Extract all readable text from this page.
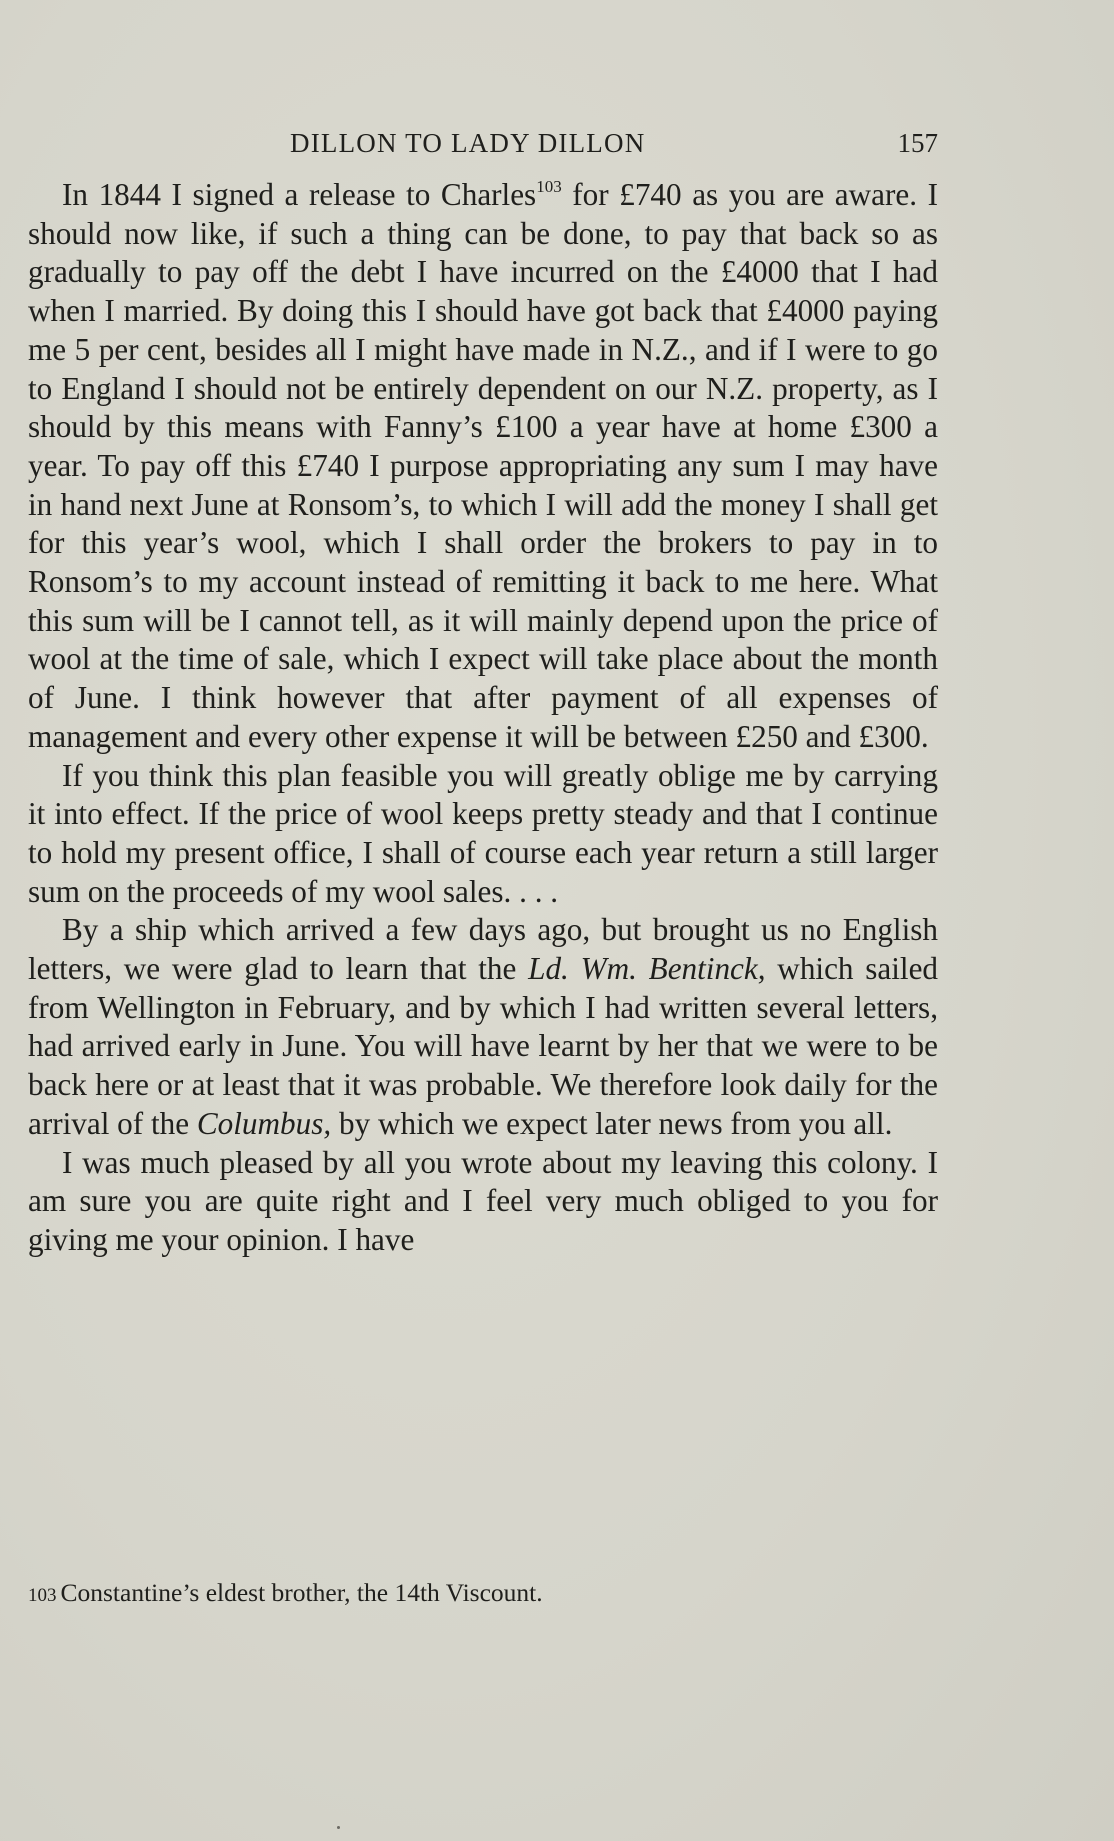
DILLON TO LADY DILLON	157

In 1844 I signed a release to Charles$^{103}$ for £740 as you are aware. I should now like, if such a thing can be done, to pay that back so as gradually to pay off the debt I have incurred on the £4000 that I had when I married. By doing this I should have got back that £4000 paying me 5 per cent, besides all I might have made in N.Z., and if I were to go to England I should not be entirely dependent on our N.Z. property, as I should by this means with Fanny’s £100 a year have at home £300 a year. To pay off this £740 I purpose appropriating any sum I may have in hand next June at Ronsom’s, to which I will add the money I shall get for this year’s wool, which I shall order the brokers to pay in to Ronsom’s to my account instead of remitting it back to me here. What this sum will be I cannot tell, as it will mainly depend upon the price of wool at the time of sale, which I expect will take place about the month of June. I think however that after payment of all expenses of management and every other expense it will be between £250 and £300.

If you think this plan feasible you will greatly oblige me by carrying it into effect. If the price of wool keeps pretty steady and that I continue to hold my present office, I shall of course each year return a still larger sum on the proceeds of my wool sales. . . .

By a ship which arrived a few days ago, but brought us no English letters, we were glad to learn that the Ld. Wm. Bentinck, which sailed from Wellington in February, and by which I had written several letters, had arrived early in June. You will have learnt by her that we were to be back here or at least that it was probable. We therefore look daily for the arrival of the Columbus, by which we expect later news from you all.

I was much pleased by all you wrote about my leaving this colony. I am sure you are quite right and I feel very much obliged to you for giving me your opinion. I have

103 Constantine’s eldest brother, the 14th Viscount.
